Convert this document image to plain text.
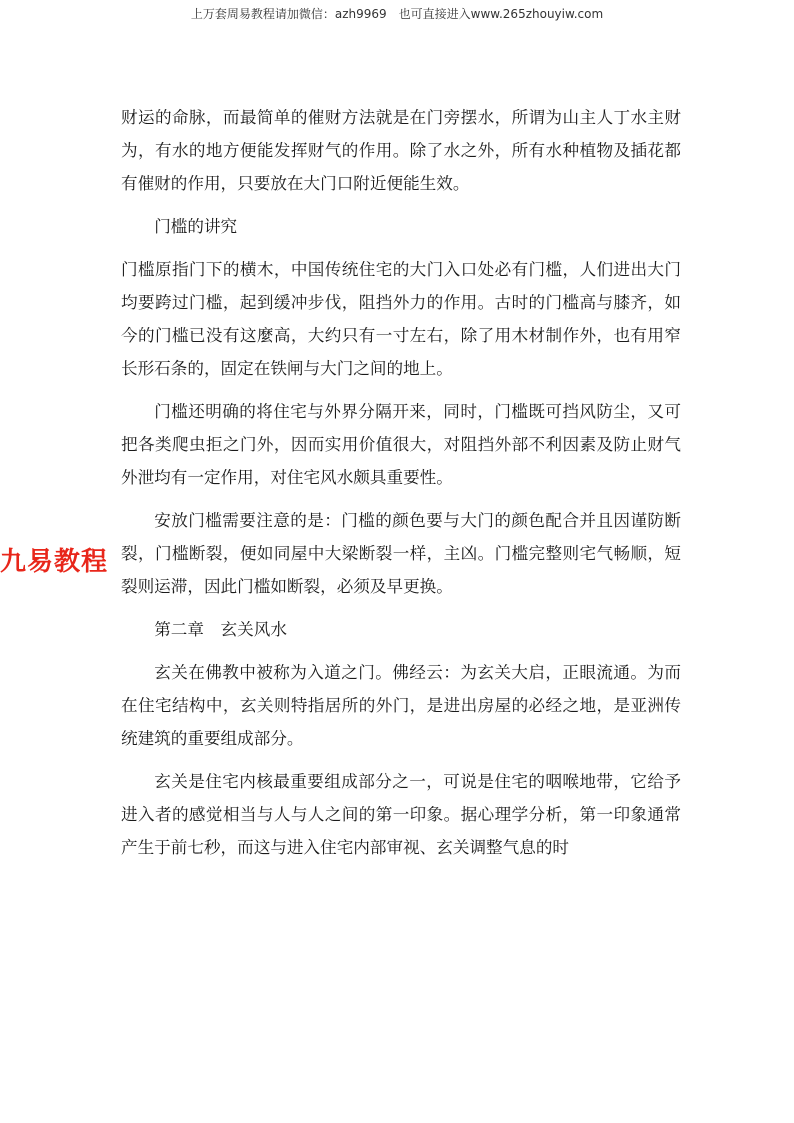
上万套周易教程请加微信：azh9969　也可直接进入www.265zhouyiw.com
九易教程

财运的命脉，而最简单的催财方法就是在门旁摆水，所谓为山主人丁水主财为，有水的地方便能发挥财气的作用。除了水之外，所有水种植物及插花都有催财的作用，只要放在大门口附近便能生效。

门槛的讲究

门槛原指门下的横木，中国传统住宅的大门入口处必有门槛，人们进出大门均要跨过门槛，起到缓冲步伐，阻挡外力的作用。古时的门槛高与膝齐，如今的门槛已没有这麼高，大约只有一寸左右，除了用木材制作外，也有用窄长形石条的，固定在铁闸与大门之间的地上。

门槛还明确的将住宅与外界分隔开来，同时，门槛既可挡风防尘，又可把各类爬虫拒之门外，因而实用价值很大，对阻挡外部不利因素及防止财气外泄均有一定作用，对住宅风水颇具重要性。

安放门槛需要注意的是：门槛的颜色要与大门的颜色配合并且因谨防断裂，门槛断裂，便如同屋中大梁断裂一样，主凶。门槛完整则宅气畅顺，短裂则运滞，因此门槛如断裂，必须及早更换。

第二章　玄关风水

玄关在佛教中被称为入道之门。佛经云：为玄关大启，正眼流通。为而在住宅结构中，玄关则特指居所的外门，是进出房屋的必经之地，是亚洲传统建筑的重要组成部分。

玄关是住宅内核最重要组成部分之一，可说是住宅的咽喉地带，它给予进入者的感觉相当与人与人之间的第一印象。据心理学分析，第一印象通常产生于前七秒，而这与进入住宅内部审视、玄关调整气息的时
